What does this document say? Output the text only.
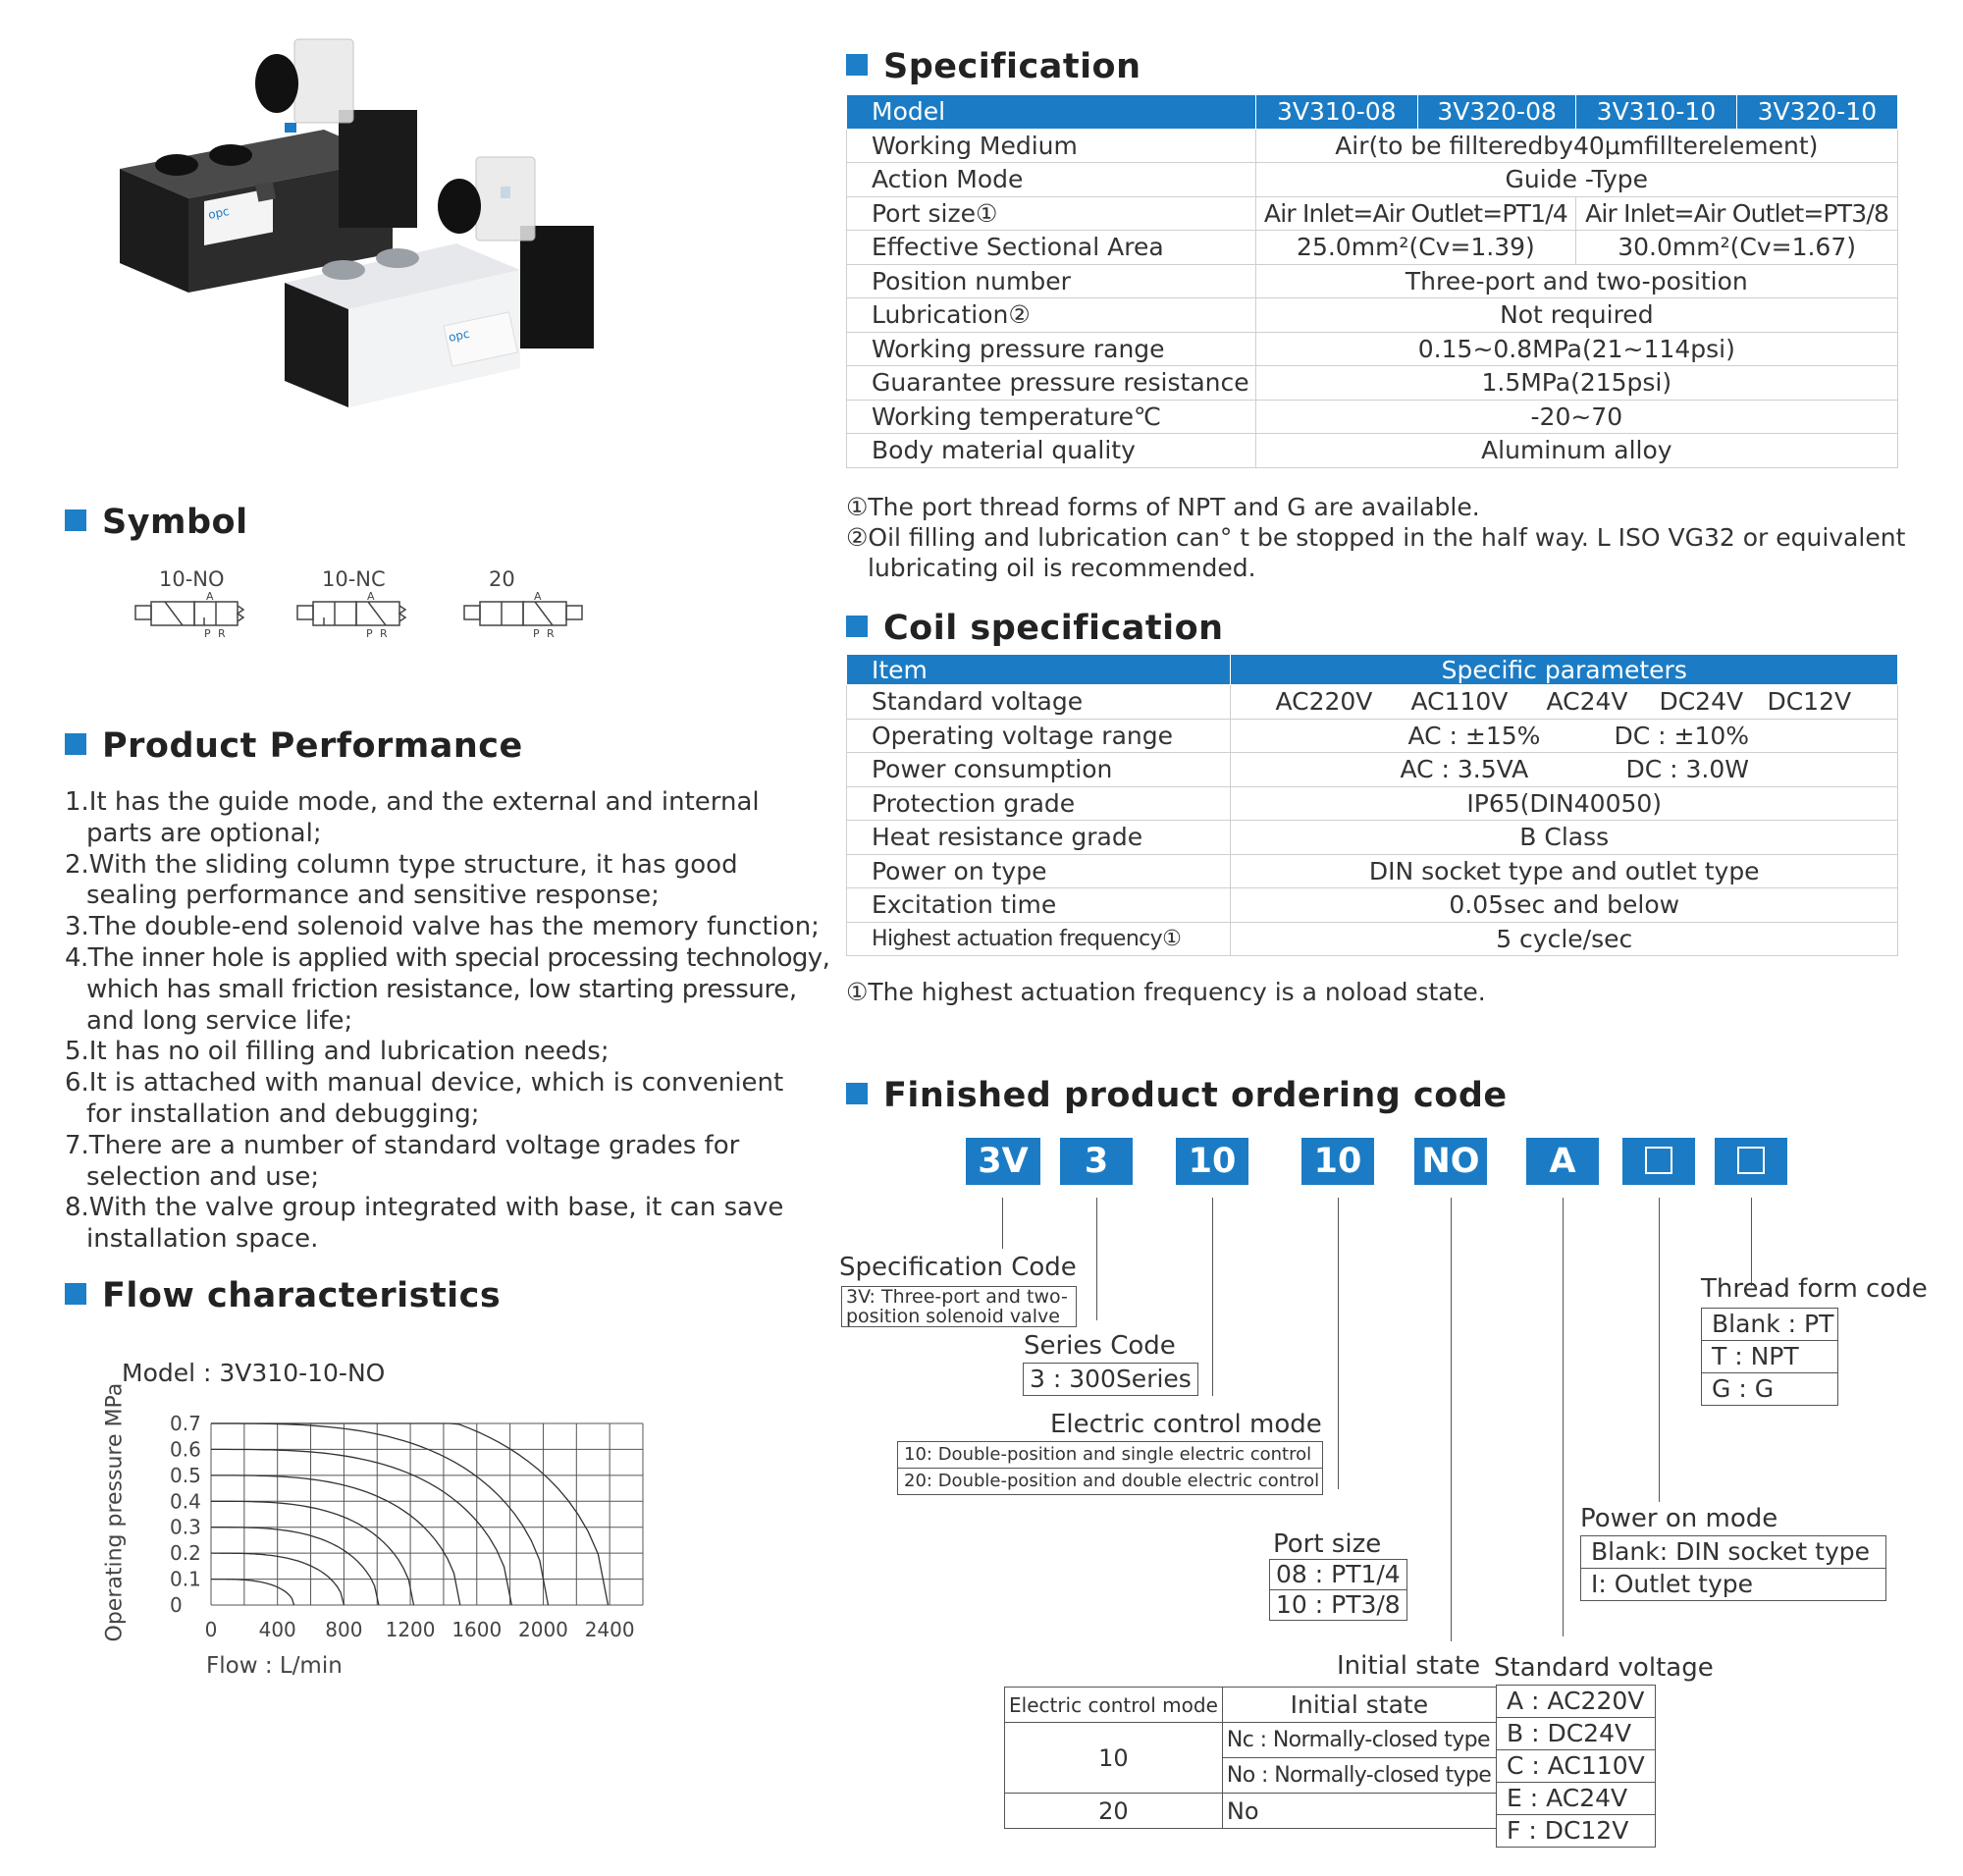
opc
opc
Symbol
10-NO	10-NC	20
A
P R
A
P R
A
P R
Product Performance
1.It has the guide mode, and the external and internal
parts are optional;
2.With the sliding column type structure, it has good
sealing performance and sensitive response;
3.The double-end solenoid valve has the memory function;
4.The inner hole is applied with special processing technology,
which has small friction resistance, low starting pressure,
and long service life;
5.It has no oil filling and lubrication needs;
6.It is attached with manual device, which is convenient
for installation and debugging;
7.There are a number of standard voltage grades for
selection and use;
8.With the valve group integrated with base, it can save
installation space.
Flow characteristics
Model : 3V310-10-NO
0
0.1
0.2
0.3
0.4
0.5
0.6
0.7
0 400 800 1200 1600 2000 2400
Operating pressure MPa
Flow : L/min
Specification
Model	3V310-08	3V320-08	3V310-10	3V320-10
Working Medium	Air(to be fillteredby40μmfillterelement)			
Action Mode	Guide -Type			
Port size①	Air Inlet=Air Outlet=PT1/4		Air Inlet=Air Outlet=PT3/8	
Effective Sectional Area	25.0mm²(Cv=1.39)		30.0mm²(Cv=1.67)	
Position number	Three-port and two-position			
Lubrication②	Not required			
Working pressure range	0.15~0.8MPa(21~114psi)			
Guarantee pressure resistance	1.5MPa(215psi)			
Working temperature℃	-20~70			
Body material quality	Aluminum alloy			
①The port thread forms of NPT and G are available.
②Oil filling and lubrication can° t be stopped in the half way. L ISO VG32 or equivalent
lubricating oil is recommended.
Coil specification
Item	Specific parameters
Standard voltage	AC220V AC110V AC24V DC24V DC12V
Operating voltage range	AC : ±15% DC : ±10%
Power consumption	AC : 3.5VA DC : 3.0W
Protection grade	IP65(DIN40050)
Heat resistance grade	B Class
Power on type	DIN socket type and outlet type
Excitation time	0.05sec and below
Highest actuation frequency①	5 cycle/sec
①The highest actuation frequency is a noload state.
Finished product ordering code
3V	3	10	10	NO	A
Specification Code
3V: Three-port and two-
position solenoid valve
Series Code
3 : 300Series
Electric control mode
10: Double-position and single electric control
20: Double-position and double electric control
Port size
08 : PT1/4
10 : PT3/8
Initial state
Electric control mode	Initial state
10	Nc : Normally-closed type
	No : Normally-closed type
20	No
Standard voltage
A : AC220V
B : DC24V
C : AC110V
E : AC24V
F : DC12V
Power on mode
Blank: DIN socket type
I: Outlet type
Thread form code
Blank : PT
T : NPT
G : G
